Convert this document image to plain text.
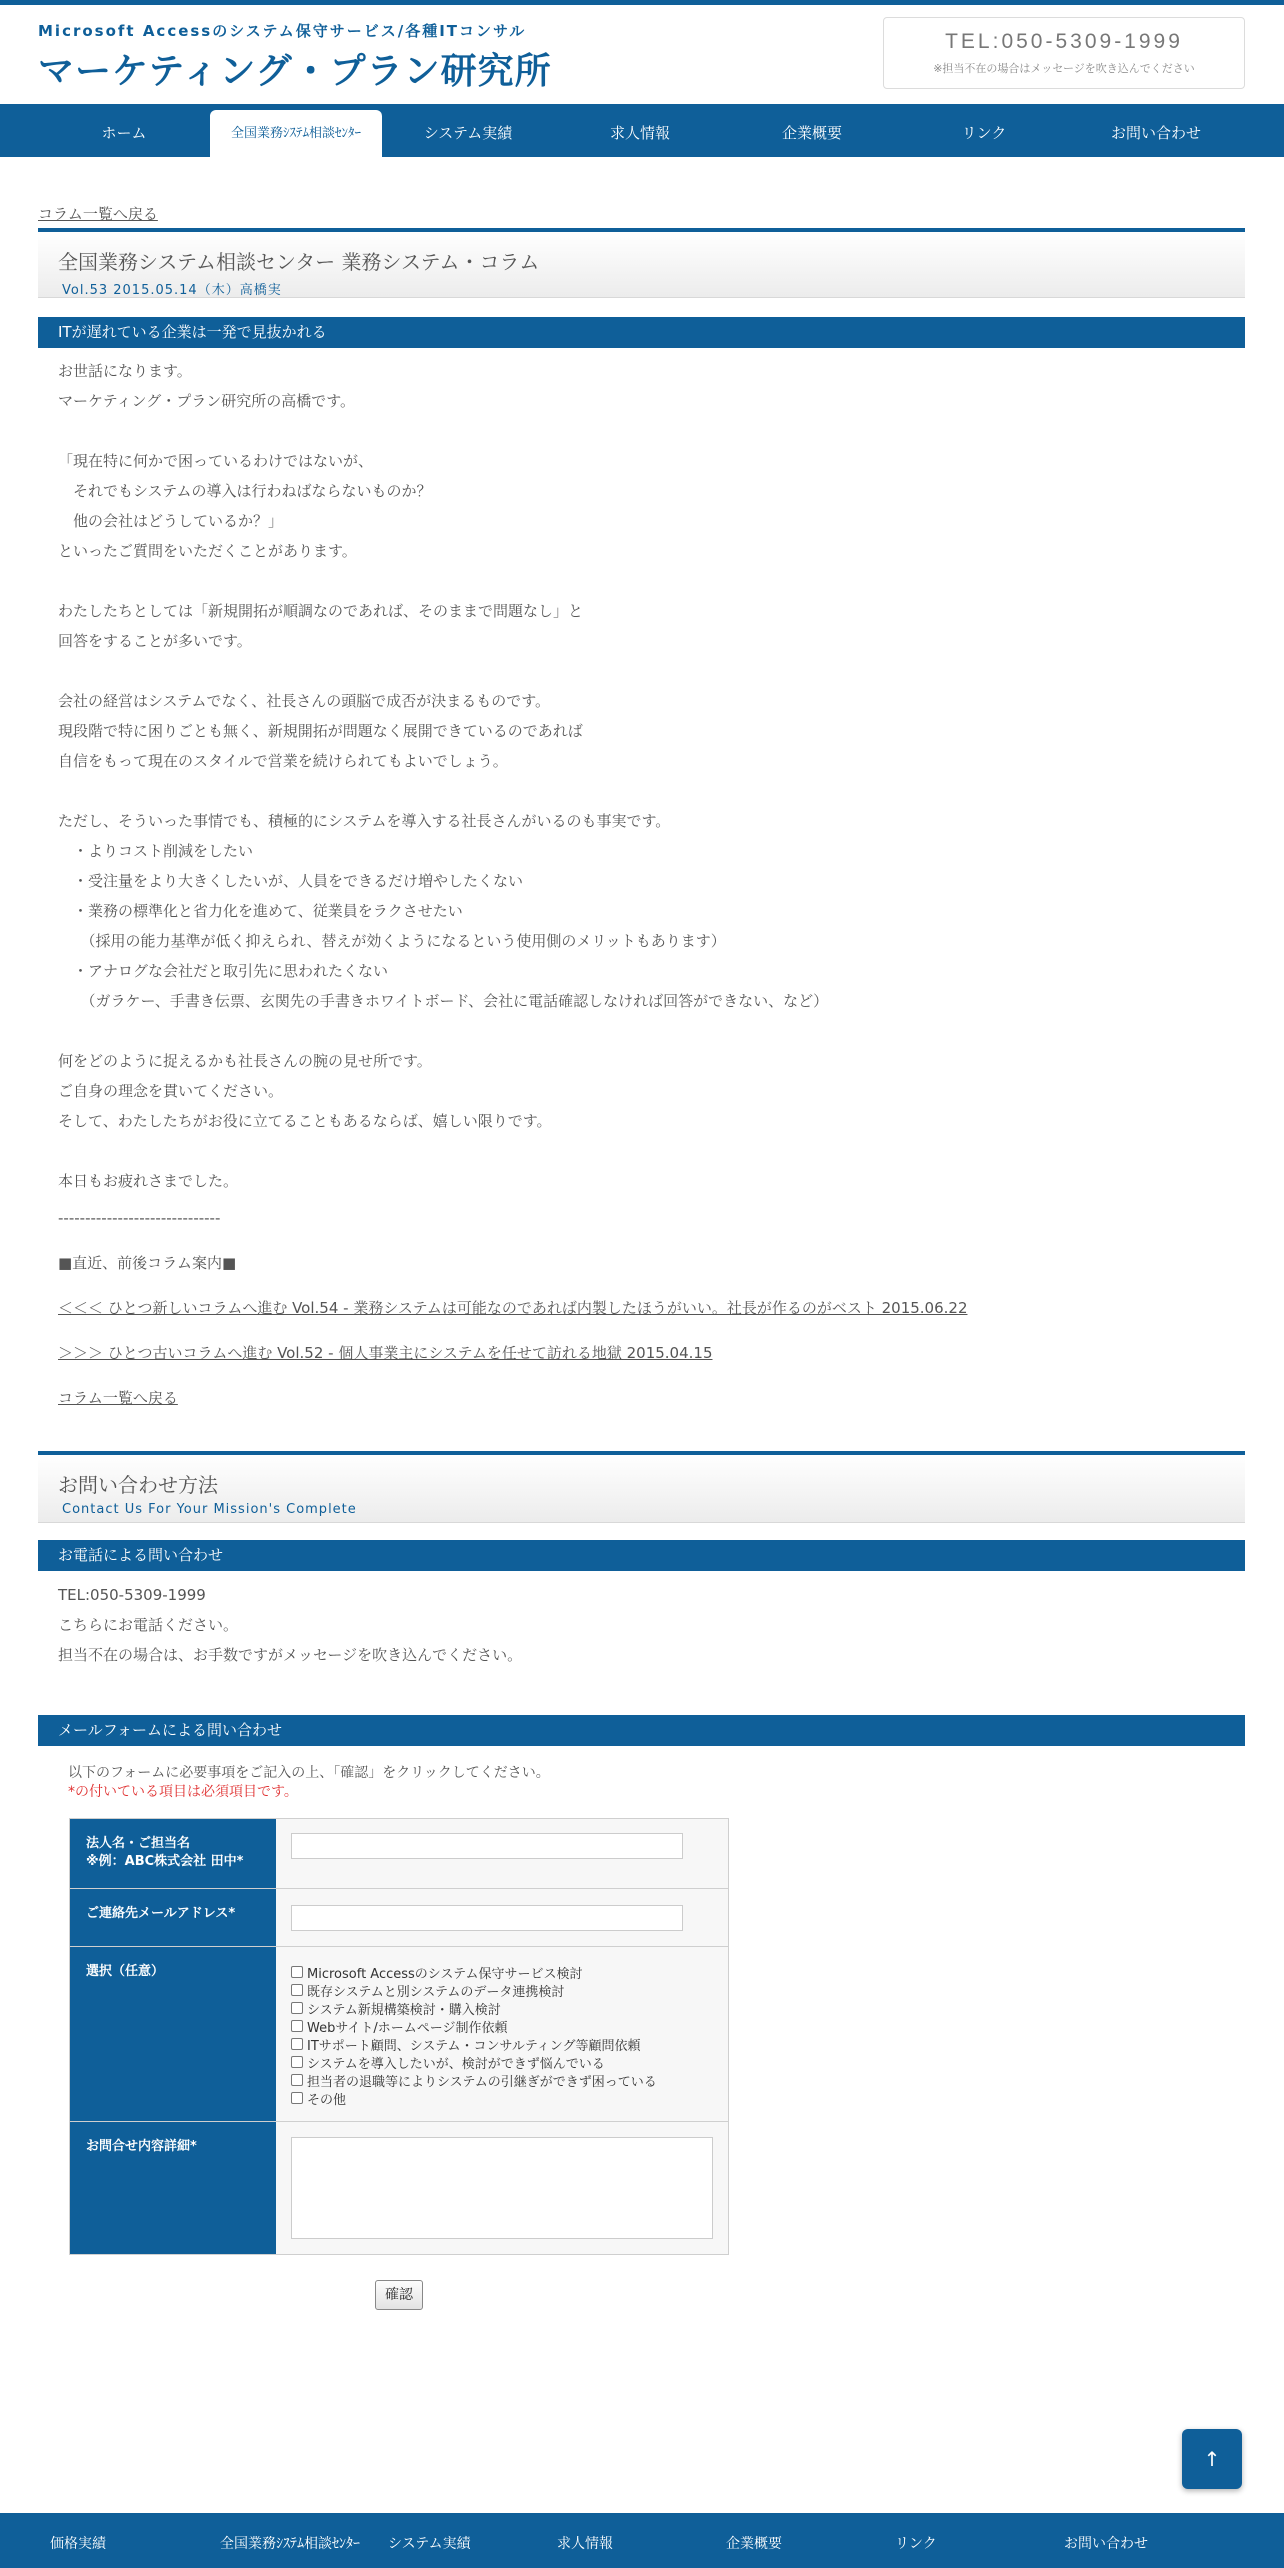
Microsoft Accessのシステム保守サービス/各種ITコンサル
マーケティング・プラン研究所
TEL:050-5309-1999
※担当不在の場合はメッセージを吹き込んでください
ホーム	全国業務ｼｽﾃﾑ相談ｾﾝﾀｰ	システム実績	求人情報	企業概要	リンク	お問い合わせ
コラム一覧へ戻る
全国業務システム相談センター 業務システム・コラム
Vol.53 2015.05.14（木）高橋実
ITが遅れている企業は一発で見抜かれる

お世話になります。

マーケティング・プラン研究所の高橋です。

「現在特に何かで困っているわけではないが、

　それでもシステムの導入は行わねばならないものか？

　他の会社はどうしているか？」

といったご質問をいただくことがあります。

わたしたちとしては「新規開拓が順調なのであれば、そのままで問題なし」と

回答をすることが多いです。

会社の経営はシステムでなく、社長さんの頭脳で成否が決まるものです。

現段階で特に困りごとも無く、新規開拓が問題なく展開できているのであれば

自信をもって現在のスタイルで営業を続けられてもよいでしょう。

ただし、そういった事情でも、積極的にシステムを導入する社長さんがいるのも事実です。

　・よりコスト削減をしたい

　・受注量をより大きくしたいが、人員をできるだけ増やしたくない

　・業務の標準化と省力化を進めて、従業員をラクさせたい

　　（採用の能力基準が低く抑えられ、替えが効くようになるという使用側のメリットもあります）

　・アナログな会社だと取引先に思われたくない

　　（ガラケー、手書き伝票、玄関先の手書きホワイトボード、会社に電話確認しなければ回答ができない、など）

何をどのように捉えるかも社長さんの腕の見せ所です。

ご自身の理念を貫いてください。

そして、わたしたちがお役に立てることもあるならば、嬉しい限りです。

本日もお疲れさまでした。

------------------------------

■直近、前後コラム案内■

＜＜＜ ひとつ新しいコラムへ進む Vol.54 - 業務システムは可能なのであれば内製したほうがいい。社長が作るのがベスト 2015.06.22

＞＞＞ ひとつ古いコラムへ進む Vol.52 - 個人事業主にシステムを任せて訪れる地獄 2015.04.15

コラム一覧へ戻る

お問い合わせ方法
Contact Us For Your Mission's Complete
お電話による問い合わせ

TEL:050-5309-1999

こちらにお電話ください。

担当不在の場合は、お手数ですがメッセージを吹き込んでください。

メールフォームによる問い合わせ
以下のフォームに必要事項をご記入の上、「確認」をクリックしてください。
*の付いている項目は必須項目です。
法人名・ご担当名
※例：ABC株式会社 田中*
ご連絡先メールアドレス*
選択（任意）	Microsoft Accessのシステム保守サービス検討
既存システムと別システムのデータ連携検討
システム新規構築検討・購入検討
Webサイト/ホームページ制作依頼
ITサポート顧問、システム・コンサルティング等顧問依頼
システムを導入したいが、検討ができず悩んでいる
担当者の退職等によりシステムの引継ぎができず困っている
その他
お問合せ内容詳細*
確認
↑
価格実績	全国業務ｼｽﾃﾑ相談ｾﾝﾀｰ システム実績	求人情報	企業概要	リンク	お問い合わせ
